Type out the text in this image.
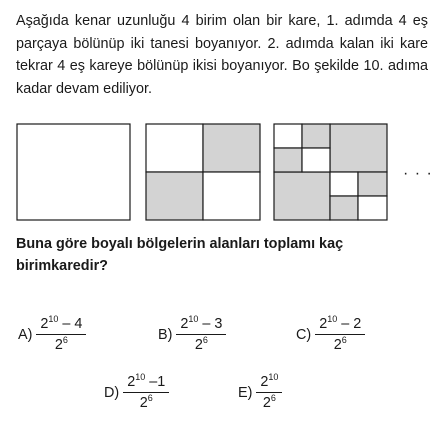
Aşağıda kenar uzunluğu 4 birim olan bir kare, 1. adımda 4 eş parçaya bölünüp iki tanesi boyanıyor. 2. adımda kalan iki kare tekrar 4 eş kareye bölünüp ikisi boyanıyor. Bo şekilde 10. adıma kadar devam ediliyor.

· · ·

Buna göre boyalı bölgelerin alanları toplamı kaç birimkaredir?

$A) \frac{2^{10} - 4}{2^6}$	$B) \frac{2^{10} - 3}{2^6}$	$C) \frac{2^{10} - 2}{2^6}$
$D) \frac{2^{10} -1}{2^6}$	$E) \frac{2^{10}}{2^6}$
